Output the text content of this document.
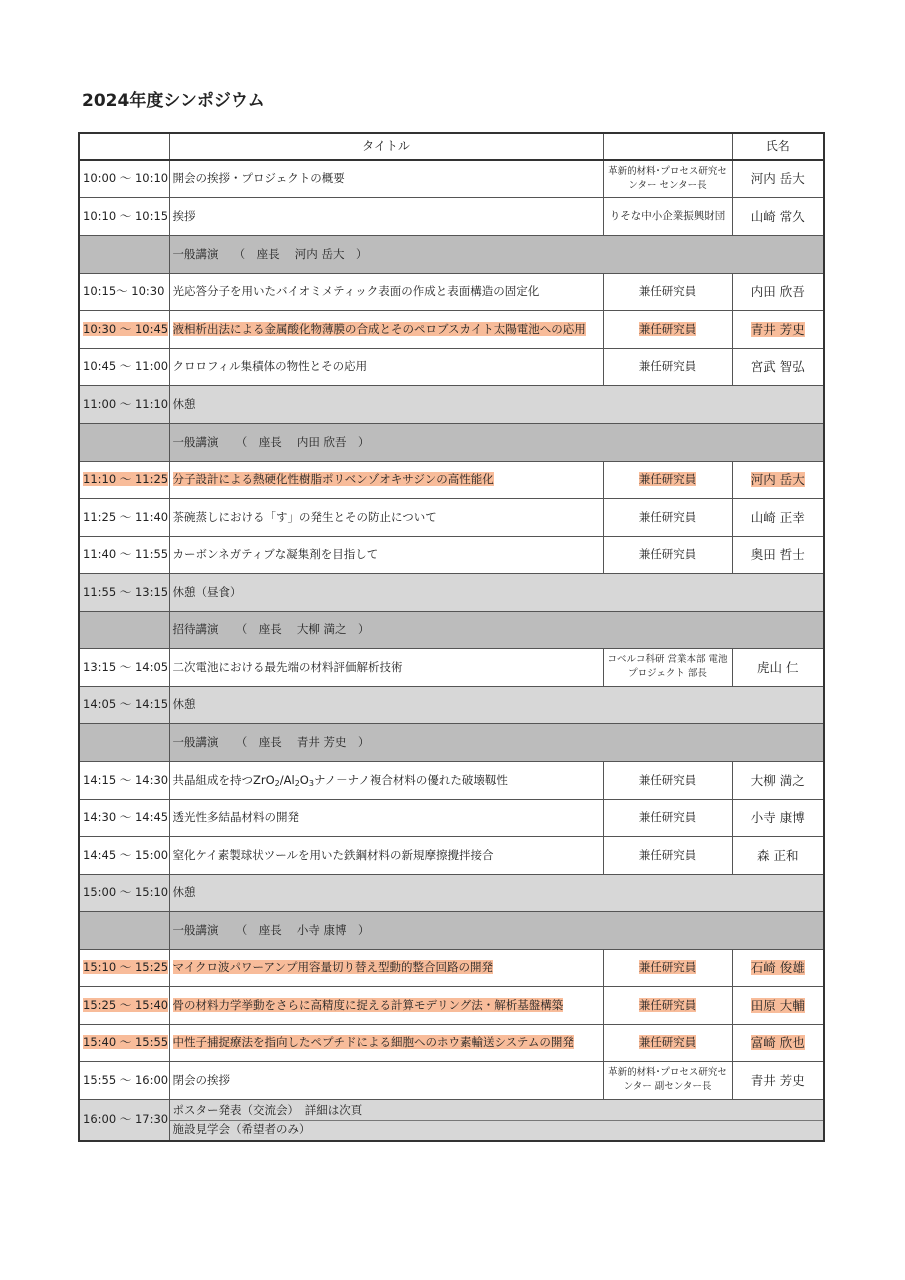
2024年度シンポジウム
	タイトル		氏名
10:00 ～ 10:10	開会の挨拶・プロジェクトの概要	革新的材料･プロセス研究センター センター長	河内 岳大
10:10 ～ 10:15	挨拶	りそな中小企業振興財団	山崎 常久
	一般講演　 （　座長　 河内 岳大　）		
10:15～ 10:30	光応答分子を用いたバイオミメティック表面の作成と表面構造の固定化	兼任研究員	内田 欣吾
10:30 ～ 10:45	液相析出法による金属酸化物薄膜の合成とそのペロブスカイト太陽電池への応用	兼任研究員	青井 芳史
10:45 ～ 11:00	クロロフィル集積体の物性とその応用	兼任研究員	宮武 智弘
11:00 ～ 11:10	休憩		
	一般講演　　（　座長　 内田 欣吾　）		
11:10 ～ 11:25	分子設計による熱硬化性樹脂ポリベンゾオキサジンの高性能化	兼任研究員	河内 岳大
11:25 ～ 11:40	茶碗蒸しにおける「す」の発生とその防止について	兼任研究員	山崎 正幸
11:40 ～ 11:55	カーボンネガティブな凝集剤を目指して	兼任研究員	奥田 哲士
11:55 ～ 13:15	休憩（昼食）		
	招待講演　　（　座長　 大柳 満之　）		
13:15 ～ 14:05	二次電池における最先端の材料評価解析技術	コベルコ科研 営業本部 電池プロジェクト 部長	虎山 仁
14:05 ～ 14:15	休憩		
	一般講演　　（　座長　 青井 芳史　）		
14:15 ～ 14:30	共晶組成を持つ$ZrO_2/Al_2O_3$ナノ－ナノ複合材料の優れた破壊靱性	兼任研究員	大柳 満之
14:30 ～ 14:45	透光性多結晶材料の開発	兼任研究員	小寺 康博
14:45 ～ 15:00	窒化ケイ素製球状ツールを用いた鉄鋼材料の新規摩擦攪拌接合	兼任研究員	森 正和
15:00 ～ 15:10	休憩		
	一般講演　　（　座長　 小寺 康博　）		
15:10 ～ 15:25	マイクロ波パワーアンプ用容量切り替え型動的整合回路の開発	兼任研究員	石崎 俊雄
15:25 ～ 15:40	骨の材料力学挙動をさらに高精度に捉える計算モデリング法・解析基盤構築	兼任研究員	田原 大輔
15:40 ～ 15:55	中性子捕捉療法を指向したペプチドによる細胞へのホウ素輸送システムの開発	兼任研究員	富崎 欣也
15:55 ～ 16:00	閉会の挨拶	革新的材料･プロセス研究センター 副センター長	青井 芳史
16:00 ～ 17:30	ポスター発表（交流会）　詳細は次頁
施設見学会（希望者のみ）		
